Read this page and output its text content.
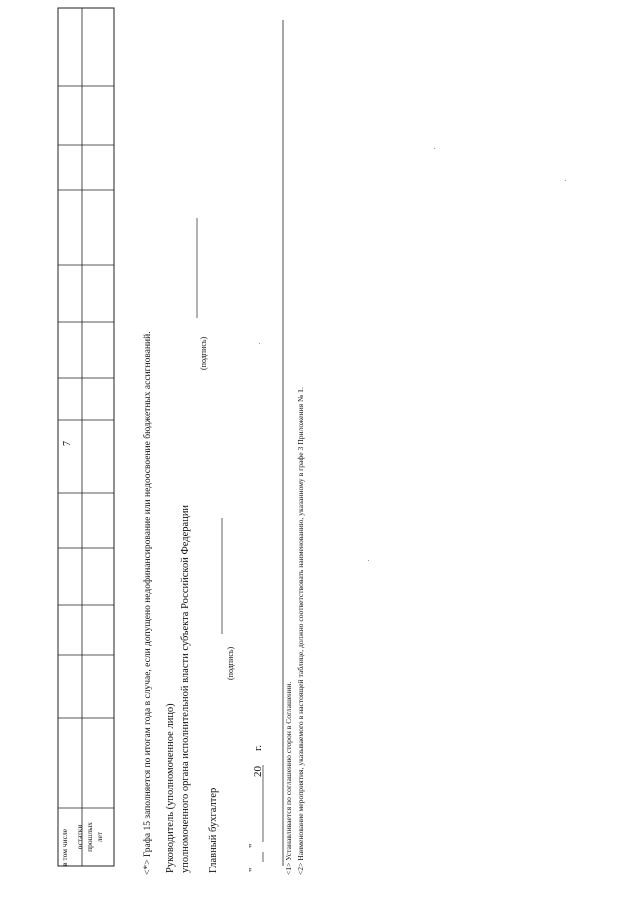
7
в том числе остатки прошлых лет	<*> Графа 15 заполняется по итогам года в случае, если допущено недофинансирование или недоосвоение бюджетных ассигнований. Руководитель (уполномоченное лицо) уполномоченного органа исполнительной власти субъекта Российской Федерации
(подпись)
Главный бухгалтер
(подпись)
"
"
20
г.	<1> Устанавливается по соглашению сторон в Соглашении. <2> Наименование мероприятия, указываемого в настоящей таблице, должно соответствовать наименованию, указанному в графе 3 Приложения № 1.
